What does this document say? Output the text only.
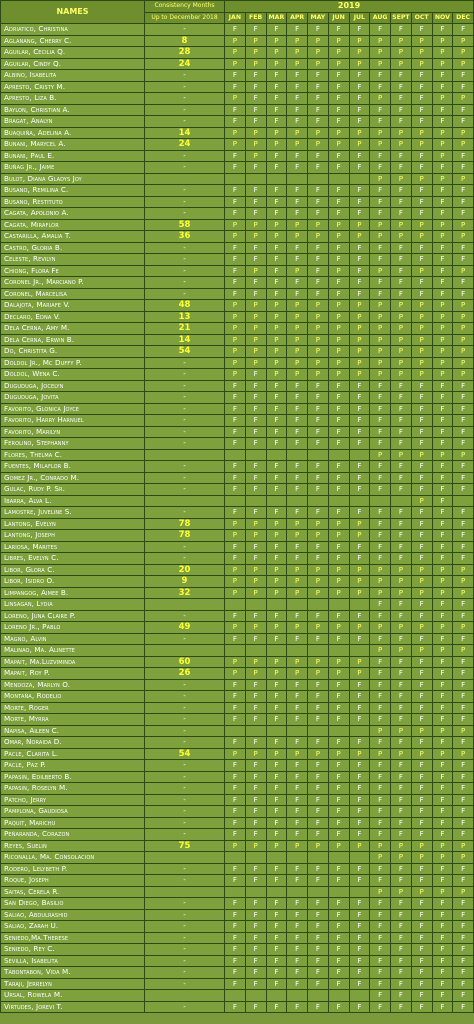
NAMES	Consistency Months	2019											
	Up to December 2018	JAN	FEB	MAR	APR	MAY	JUN	JUL	AUG	SEPT	OCT	NOV	DEC
Adriatico, Christina	-	F	F	F	F	F	F	F	F	F	F	F	F
Aglanang, Cherry C.	8	P	P	P	P	P	P	P	P	P	P	P	P
Aguilar, Cecilia Q.	28	P	P	P	P	P	P	P	P	P	P	P	P
Aguilar, Cindy Q.	24	P	P	P	P	P	P	P	P	P	P	P	P
Albino, Isabelita	-	F	F	F	F	F	F	F	F	F	F	F	F
Apresto, Cristy M.	-	F	F	F	F	F	F	F	F	F	F	F	F
Apresto, Liza B.	-	P	F	F	F	F	F	F	P	F	F	P	P
Baylon, Christian A.	-	F	F	F	F	F	F	F	F	F	F	F	F
Bragat, Analyn	-	F	F	F	F	F	F	F	F	F	F	F	F
Buaquiña, Adelina A.	14	P	P	P	P	P	P	P	P	P	P	P	P
Bunani, Marycel A.	24	P	P	P	P	P	P	P	P	P	P	P	P
Bunani, Paul E.	-	F	P	F	F	F	F	F	F	F	F	P	F
Buñag Jr., Jaime	-	F	F	F	F	F	F	F	F	F	F	F	F
Bulot, Diana Gladys Joy									P	P	P	P	P
Busano, Remilina C.	-	F	F	F	F	F	F	F	F	F	F	F	F
Busano, Restituto	-	F	F	F	F	F	F	F	F	F	F	F	F
Cagata, Apolonio A.	-	F	F	F	F	F	F	F	F	F	F	F	F
Cagata, Miraflor	58	P	P	P	P	P	P	P	P	P	P	P	P
Castarilla, Amalia T.	36	P	P	P	P	P	P	P	P	P	P	P	P
Castro, Gloria B.	-	F	F	F	F	F	F	F	F	F	F	F	F
Celeste, Revilyn	-	F	F	F	F	F	F	F	F	F	F	F	F
Chiong, Flora Fe	-	F	P	F	P	F	P	F	P	F	P	F	P
Coronel Jr., Marciano P.	-	F	F	F	F	F	F	F	F	F	F	F	F
Coronel, Marcelisa	-	F	F	F	F	F	F	F	F	F	F	F	F
Dalajota, Mariafe V.	48	P	P	P	P	P	P	P	P	P	P	P	P
Declaro, Edna V.	13	P	P	P	P	P	P	P	P	P	P	P	P
Dela Cerna, Amy M.	21	P	P	P	P	P	P	P	P	P	P	P	P
Dela Cerna, Erwin B.	14	P	P	P	P	P	P	P	P	P	P	P	P
Do, Christita G.	54	P	P	P	P	P	P	P	P	P	P	P	P
Doldol Jr., Mc Duffy P.	-	P	P	P	P	P	P	P	P	P	P	P	P
Doldol, Wena C.	-	P	F	P	P	P	P	P	P	P	P	P	P
Duguduga, Jocelyn	-	F	F	F	F	F	F	F	F	F	F	F	F
Duguduga, Jovita	-	F	F	F	F	F	F	F	F	F	F	F	F
Favorito, Glonica Joyce	-	F	F	F	F	F	F	F	F	F	F	F	F
Favorito, Harry Harnuel	-	F	F	F	F	F	F	F	F	F	F	F	F
Favorito, Marilyn	-	F	F	F	F	F	F	F	F	F	F	F	F
Ferolino, Stephanny	-	F	F	F	F	F	F	F	F	F	F	F	F
Flores, Thelma C.									P	P	P	P	P
Fuentes, Milaflor B.	-	F	F	F	F	F	F	F	F	F	F	F	F
Gomez Jr., Conrado M.	-	F	F	F	F	F	F	F	F	F	F	F	F
Gulac, Rudy P. Sr.	-	F	F	F	F	F	F	F	F	F	F	F	F
Ibarra, Alva L.											P	F	
Lamostre, Juveline S.	-	F	F	F	F	F	F	F	F	F	F	F	F
Lantong, Evelyn	78	P	P	P	P	P	P	P	F	F	F	F	F
Lantong, Joseph	78	P	P	P	P	P	P	P	F	F	F	F	F
Lariosa, Marites	-	F	F	F	F	F	F	F	F	F	F	F	F
Libres, Evelyn C.	-	F	F	F	F	F	F	F	F	F	F	F	F
Libor, Glora C.	20	P	P	P	P	P	P	P	P	P	P	P	P
Libor, Isidro O.	9	P	P	P	P	P	P	P	P	P	P	P	P
Limpangog, Aimee B.	32	P	P	P	P	P	P	P	P	P	P	P	P
Linsagan, Lydia									F	F	F	F	F
Loreno, Juna Claire P.	-	F	F	F	F	F	F	F	F	F	F	F	F
Loreno Jr., Pablo	49	P	P	P	P	P	P	P	P	P	P	P	P
Magno, Alvin	-	F	F	F	F	F	F	F	F	F	F	F	F
Malinao, Ma. Alinette									P	P	P	P	P
Mapait, Ma.Luzviminda	60	P	P	P	P	P	P	P	F	F	F	F	F
Mapait, Roy P.	26	P	P	P	P	P	P	P	F	F	F	F	F
Mendoza, Marlyn O.	-	F	F	F	F	F	F	F	F	F	F	F	F
Montaña, Rodelio	-	F	F	F	F	F	F	F	F	F	F	F	F
Morte, Roger	-	F	F	F	F	F	F	F	F	F	F	F	F
Morte, Myrra	-	F	F	F	F	F	F	F	F	F	F	F	F
Napisa, Aileen C.	-								P	P	P	P	P
Omar, Noraida D.	-	F	F	F	F	F	F	F	F	F	F	F	F
Pacle, Clarita L.	54	P	P	P	P	P	P	P	P	P	P	P	P
Pacle, Paz P.	-	F	F	F	F	F	F	F	F	F	F	F	F
Papasin, Edilberto B.	-	F	F	F	F	F	F	F	F	F	F	F	F
Papasin, Roselyn M.	-	F	F	F	F	F	F	F	F	F	F	F	F
Patcho, Jerry	-	F	F	F	F	F	F	F	F	F	F	F	F
Pamplona, Gaudiosa	-	F	F	F	F	F	F	F	F	F	F	F	F
Paquit, Marichu	-	F	F	F	F	F	F	F	F	F	F	F	F
Peñaranda, Corazon	-	F	F	F	F	F	F	F	F	F	F	F	F
Reyes, Suelin	75	P	P	P	P	P	P	P	P	P	P	P	P
Riconalla, Ma. Consolacion									P	P	P	P	P
Rodero, Lelybeth P.	-	F	F	F	F	F	F	F	F	F	F	F	F
Roque, Joseph	-	F	F	F	F	F	F	F	F	F	F	F	F
Saitas, Cerela R.									P	P	P	P	P
San Diego, Basilio	-	F	F	F	F	F	F	F	F	F	F	F	F
Saliao, Abdulrashid	-	F	F	F	F	F	F	F	F	F	F	F	F
Saliao, Zarah U.	-	F	F	F	F	F	F	F	F	F	F	F	F
Seniedo,Ma.Therese	-	F	F	F	F	F	F	F	F	F	F	F	F
Seniedo, Rey C.	-	F	F	F	F	F	F	F	F	F	F	F	F
Sevilla, Isabelita	-	F	F	F	F	F	F	F	F	F	F	F	F
Tabontabon, Vida M.	-	F	F	F	F	F	F	F	F	F	F	F	F
Taraji, Jerrelyn	-	F	F	F	F	F	F	F	F	F	F	F	F
Ursal, Rowela M.									F	F	F	F	F
Virtudes, Jorevi T.	-	F	F	F	F	F	F	F	F	F	F	F	F
